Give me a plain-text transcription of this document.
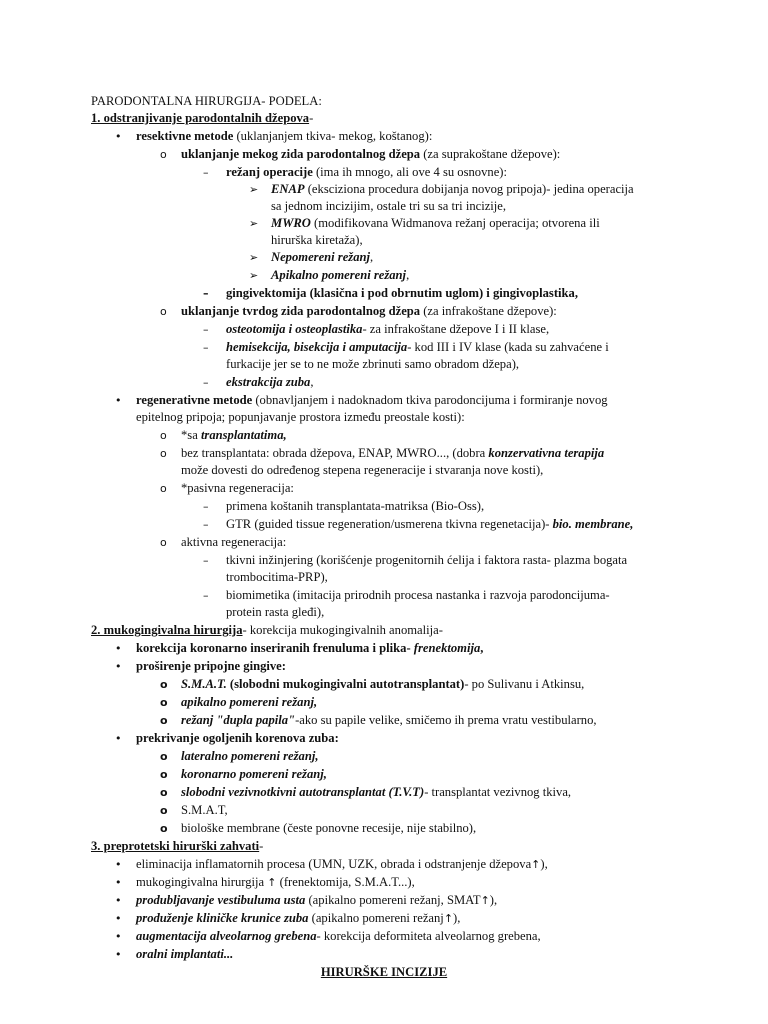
PARODONTALNA HIRURGIJA- PODELA:
1. odstranjivanje parodontalnih džepova-
• resektivne metode (uklanjanjem tkiva- mekog, koštanog):
o uklanjanje mekog zida parodontalnog džepa (za suprakoštane džepove):
– režanj operacije (ima ih mnogo, ali ove 4 su osnovne):
➢ ENAP (ekscizionа procedura dobijanja novog pripoja)- jedina operacija
sa jednom incizijim, ostale tri su sa tri incizije,
➢ MWRO (modifikovana Widmanova režanj operacija; otvorena ili
hirurška kiretaža),
➢ Nepomereni režanj,
➢ Apikalno pomereni režanj,
– gingivektomija (klasična i pod obrnutim uglom) i gingivoplastika,
o uklanjanje tvrdog zida parodontalnog džepa (za infrakoštane džepove):
– osteotomija i osteoplastika- za infrakoštane džepove I i II klase,
– hemisekcija, bisekcija i amputacija- kod III i IV klase (kada su zahvaćene i
furkacije jer se to ne može zbrinuti samo obradom džepa),
– ekstrakcija zuba,
• regenerativne metode (obnavljanjem i nadoknadom tkiva parodoncijuma i formiranje novog
epitelnog pripoja; popunjavanje prostora između preostale kosti):
o *sa transplantatima,
o bez transplantata: obrada džepova, ENAP, MWRO..., (dobra konzervativna terapija
može dovesti do određenog stepena regeneracije i stvaranja nove kosti),
o *pasivna regeneracija:
– primena koštanih transplantata-matriksa (Bio-Oss),
– GTR (guided tissue regeneration/usmerena tkivna regenetacija)- bio. membrane,
o aktivna regeneracija:
– tkivni inžinjering (korišćenje progenitornih ćelija i faktora rasta- plazma bogata
trombocitima-PRP),
– biomimetika (imitacija prirodnih procesa nastanka i razvoja parodoncijuma-
protein rasta gleđi),
2. mukogingivalna hirurgija- korekcija mukogingivalnih anomalija-
• korekcija koronarno inseriranih frenuluma i plika- frenektomija,
• proširenje pripojne gingive:
o S.M.A.T. (slobodni mukogingivalni autotransplantat)- po Sulivanu i Atkinsu,
o apikalno pomereni režanj,
o režanj "dupla papila"-ako su papile velike, smičemo ih prema vratu vestibularno,
• prekrivanje ogoljenih korenova zuba:
o lateralno pomereni režanj,
o koronarno pomereni režanj,
o slobodni vezivnotkivni autotransplantat (T.V.T)- transplantat vezivnog tkiva,
o S.M.A.T,
o biološke membrane (česte ponovne recesije, nije stabilno),
3. preprotetski hirurški zahvati-
• eliminacija inflamatornih procesa (UMN, UZK, obrada i odstranjenje džepova↑),
• mukogingivalna hirurgija ↑ (frenektomija, S.M.A.T...),
• produbljavanje vestibuluma usta (apikalno pomereni režanj, SMAT↑),
• produženje kliničke krunice zuba (apikalno pomereni režanj↑),
• augmentacija alveolarnog grebena- korekcija deformiteta alveolarnog grebena,
• oralni implantati...
HIRURŠKE INCIZIJE
